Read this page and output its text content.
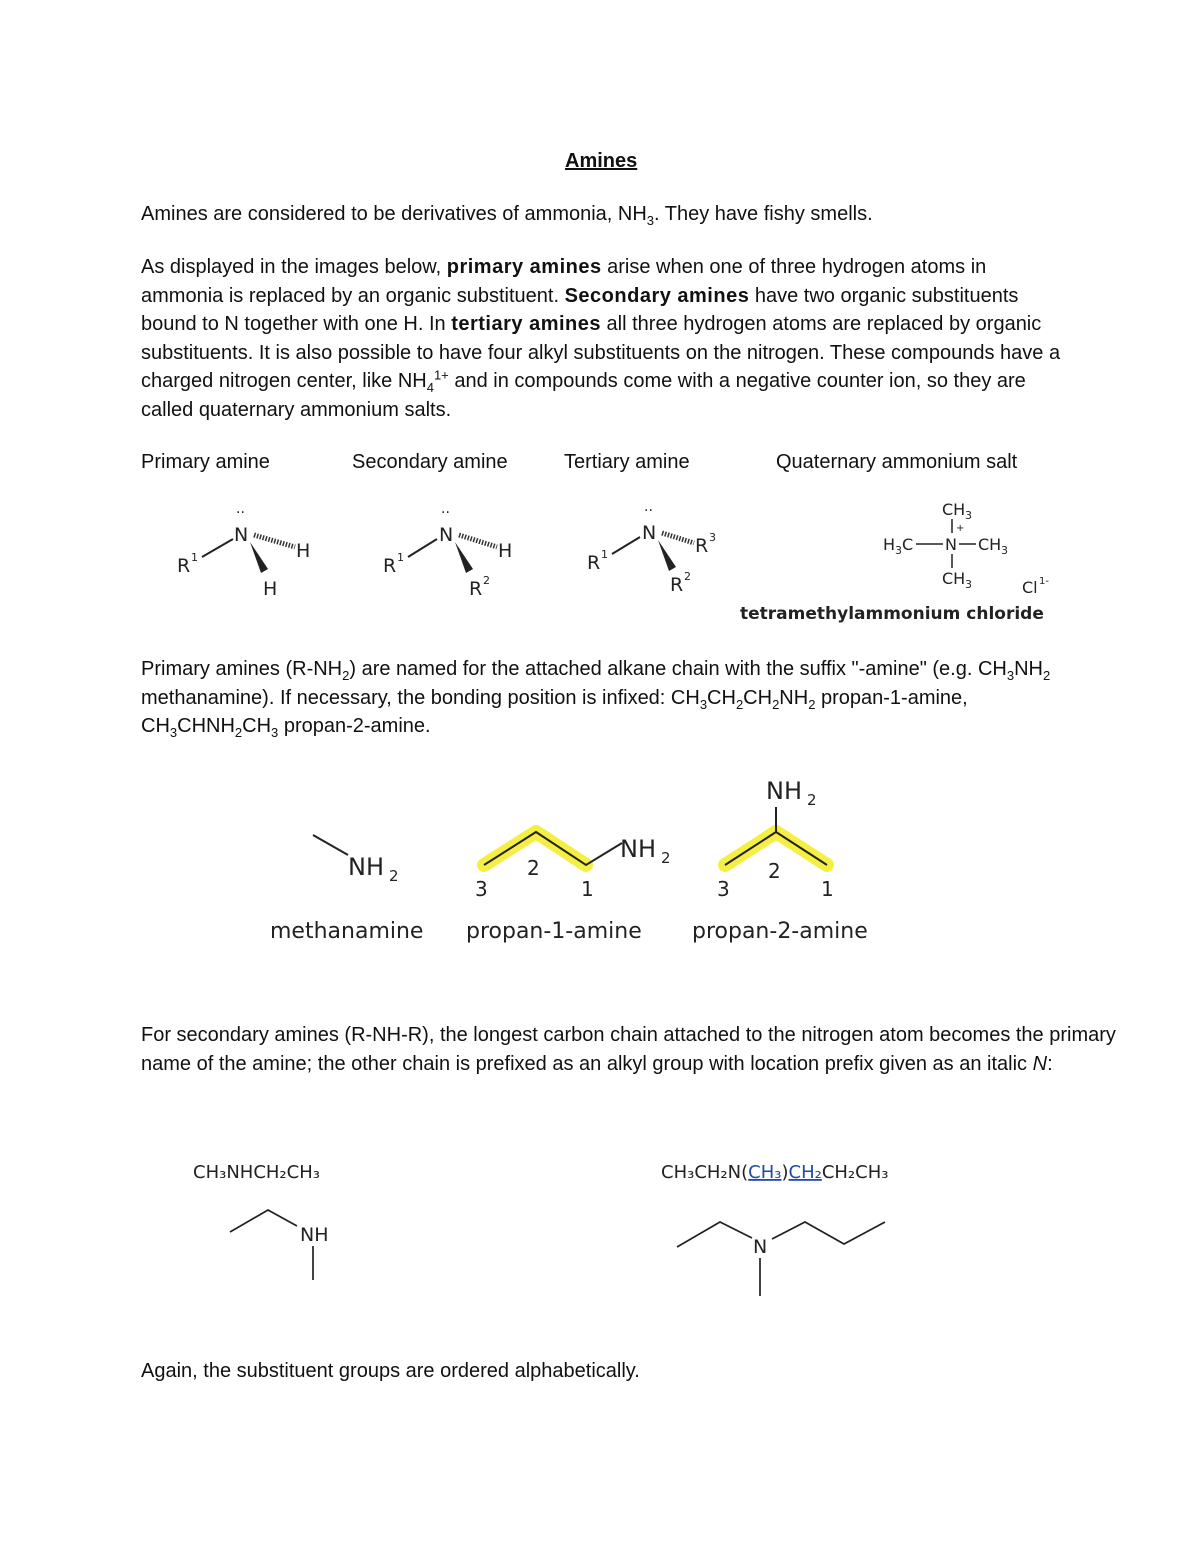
Amines
Amines are considered to be derivatives of ammonia, $NH_3$. They have fishy smells.
As displayed in the images below, primary amines arise when one of three hydrogen atoms in ammonia is replaced by an organic substituent. Secondary amines have two organic substituents bound to N together with one H. In tertiary amines all three hydrogen atoms are replaced by organic substituents. It is also possible to have four alkyl substituents on the nitrogen. These compounds have a charged nitrogen center, like $NH_4^{1+}$ and in compounds come with a negative counter ion, so they are called quaternary ammonium salts.
Primary amine	Secondary amine	Tertiary amine	Quaternary ammonium salt
R 1
..
N
H
H
R 1
..
N
H
R 2
R 1
..
N
R 3
R 2
CH 3
+
H 3 C N CH 3
CH 3	Cl 1-
tetramethylammonium chloride
Primary amines $(R-NH_2)$ are named for the attached alkane chain with the suffix "-amine" (e.g. $CH_3NH_2$ methanamine). If necessary, the bonding position is infixed: $CH_3CH_2CH_2NH_2$ propan-1-amine, $CH_3CHNH_2CH_3$ propan-2-amine.
NH 2
methanamine
NH 2
3
2
1
propan-1-amine
NH 2
3
2
1
propan-2-amine
For secondary amines (R-NH-R), the longest carbon chain attached to the nitrogen atom becomes the primary name of the amine; the other chain is prefixed as an alkyl group with location prefix given as an italic N:
CH₃NHCH₂CH₃
NH
CH₃CH₂N(CH₃)CH₂CH₂CH₃
N
Again, the substituent groups are ordered alphabetically.
